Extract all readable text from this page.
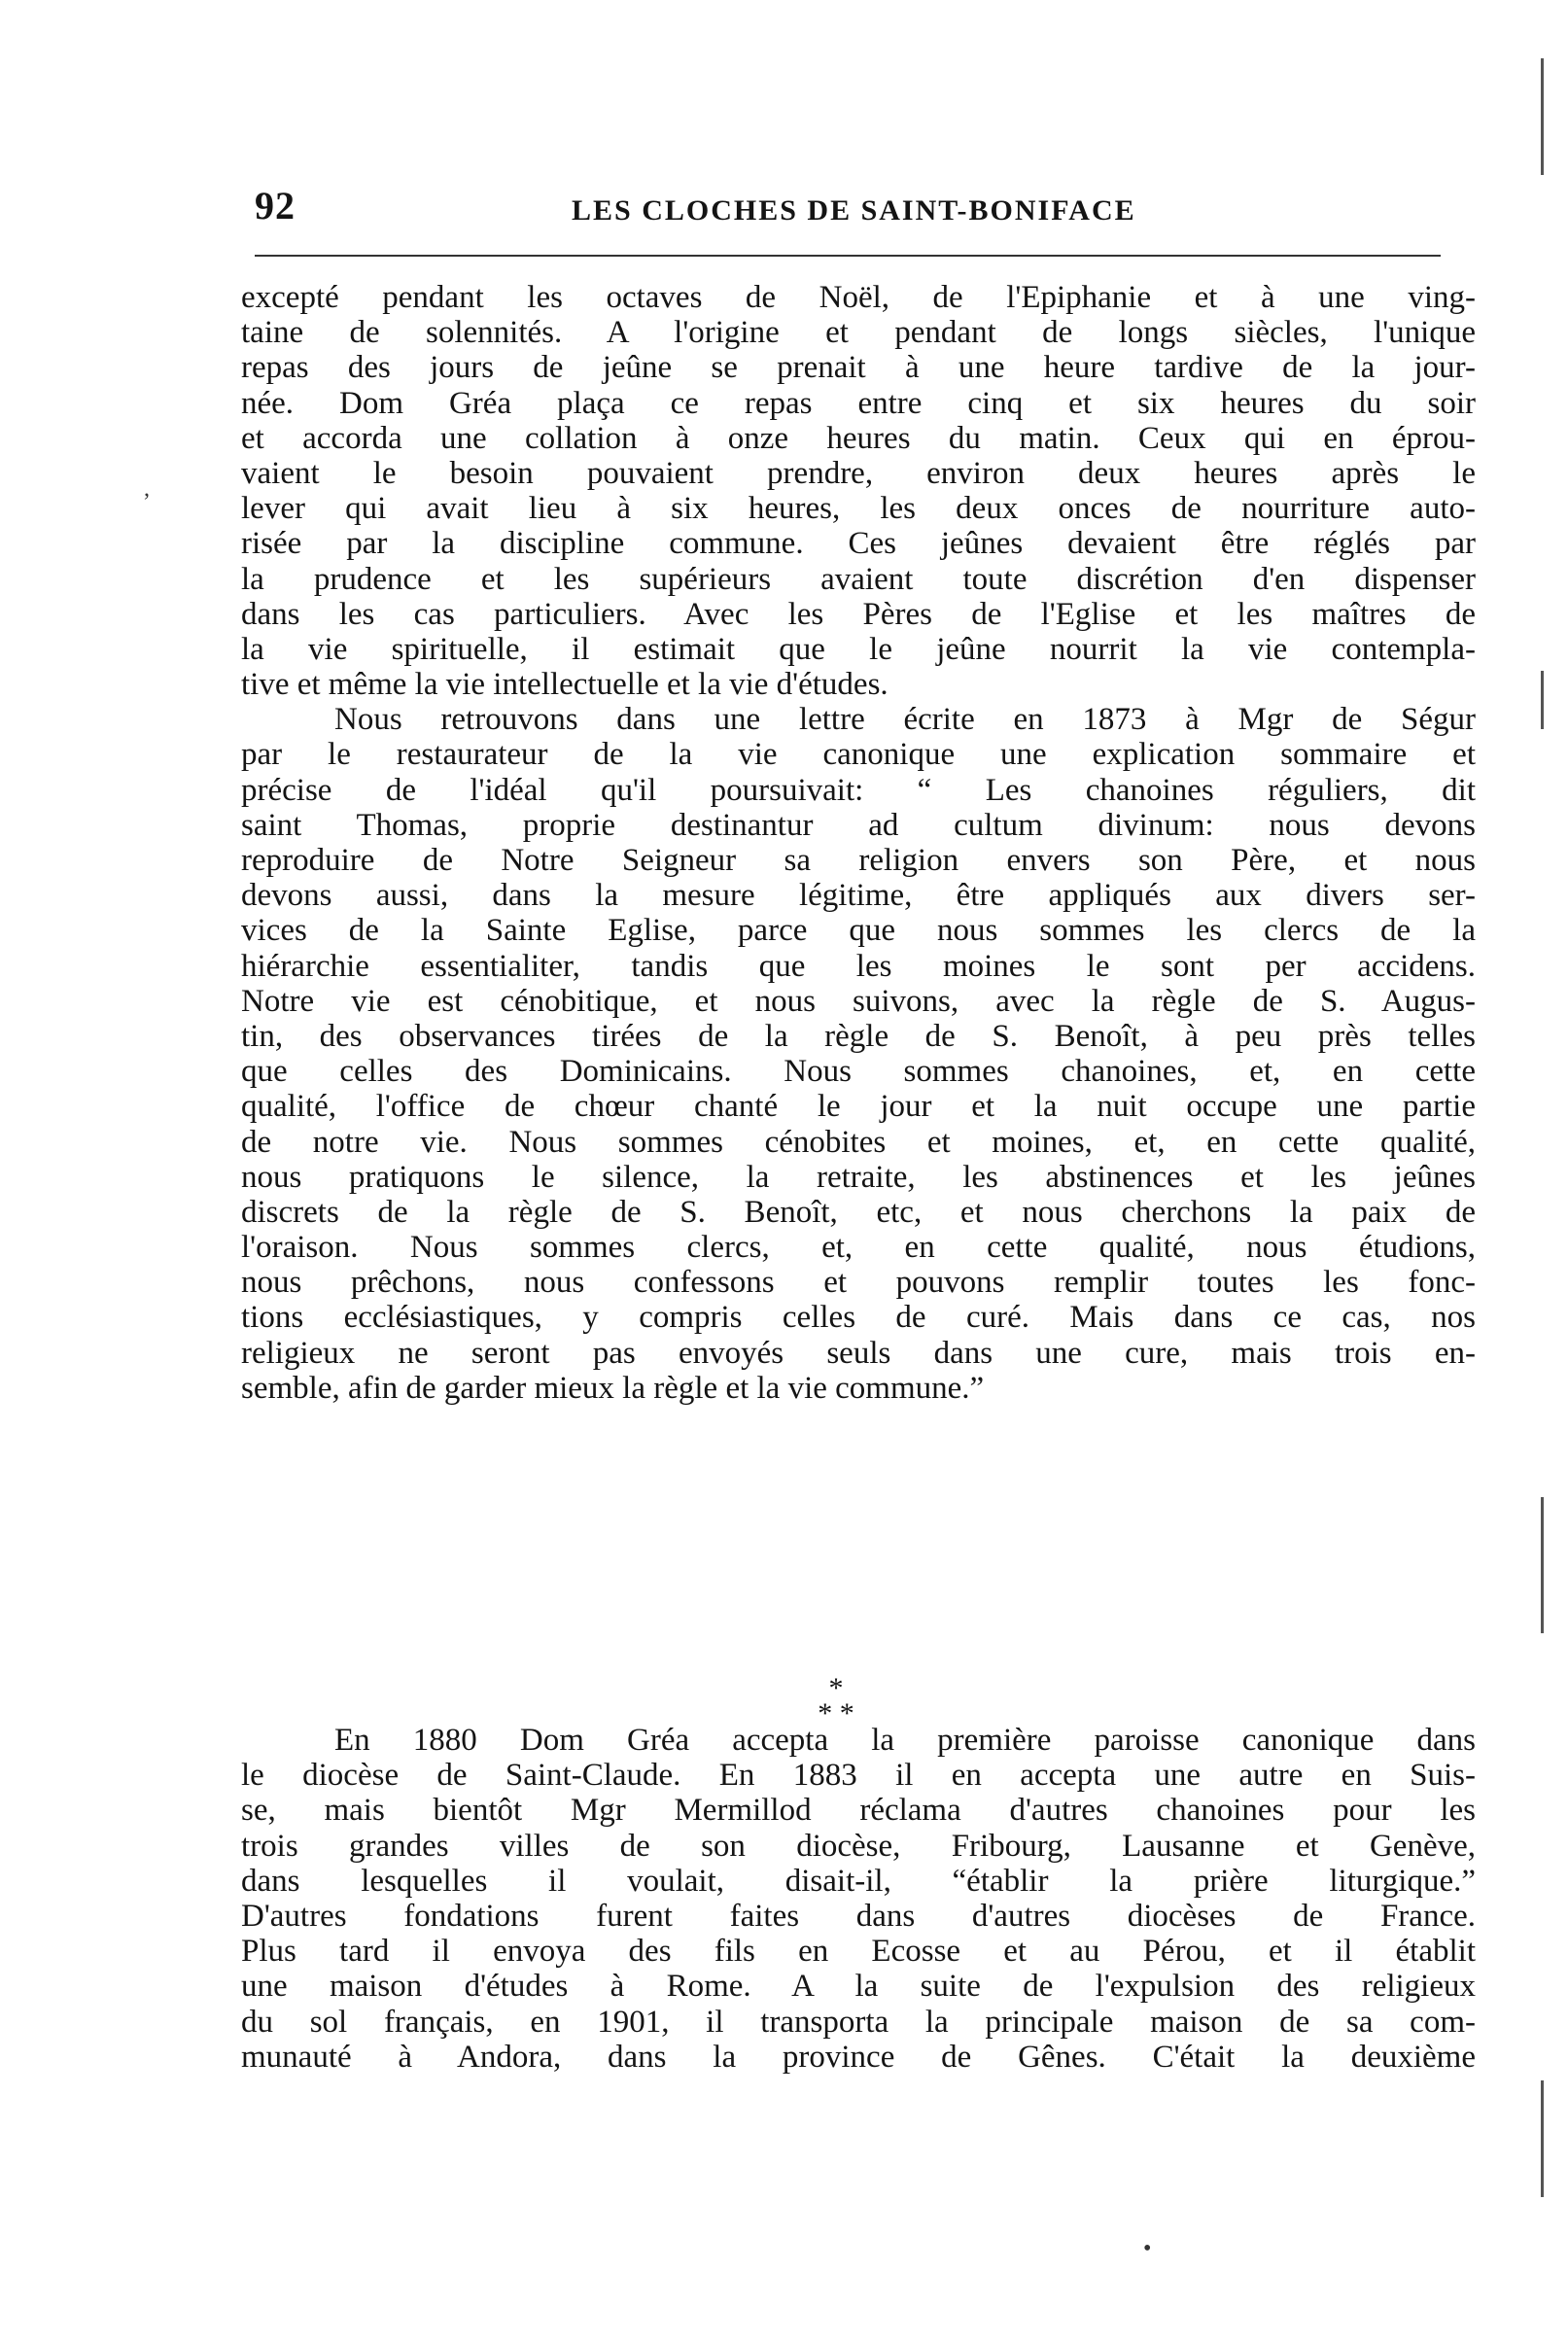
92	LES CLOCHES DE SAINT-BONIFACE
excepté pendant les octaves de Noël, de l'Epiphanie et à une ving-
taine de solennités. A l'origine et pendant de longs siècles, l'unique
repas des jours de jeûne se prenait à une heure tardive de la jour-
née. Dom Gréa plaça ce repas entre cinq et six heures du soir
et accorda une collation à onze heures du matin. Ceux qui en éprou-
vaient le besoin pouvaient prendre, environ deux heures après le
lever qui avait lieu à six heures, les deux onces de nourriture auto-
risée par la discipline commune. Ces jeûnes devaient être réglés par
la prudence et les supérieurs avaient toute discrétion d'en dispenser
dans les cas particuliers. Avec les Pères de l'Eglise et les maîtres de
la vie spirituelle, il estimait que le jeûne nourrit la vie contempla-
tive et même la vie intellectuelle et la vie d'études.
Nous retrouvons dans une lettre écrite en 1873 à Mgr de Ségur
par le restaurateur de la vie canonique une explication sommaire et
précise de l'idéal qu'il poursuivait: “ Les chanoines réguliers, dit
saint Thomas, proprie destinantur ad cultum divinum: nous devons
reproduire de Notre Seigneur sa religion envers son Père, et nous
devons aussi, dans la mesure légitime, être appliqués aux divers ser-
vices de la Sainte Eglise, parce que nous sommes les clercs de la
hiérarchie essentialiter, tandis que les moines le sont per accidens.
Notre vie est cénobitique, et nous suivons, avec la règle de S. Augus-
tin, des observances tirées de la règle de S. Benoît, à peu près telles
que celles des Dominicains. Nous sommes chanoines, et, en cette
qualité, l'office de chœur chanté le jour et la nuit occupe une partie
de notre vie. Nous sommes cénobites et moines, et, en cette qualité,
nous pratiquons le silence, la retraite, les abstinences et les jeûnes
discrets de la règle de S. Benoît, etc, et nous cherchons la paix de
l'oraison. Nous sommes clercs, et, en cette qualité, nous étudions,
nous prêchons, nous confessons et pouvons remplir toutes les fonc-
tions ecclésiastiques, y compris celles de curé. Mais dans ce cas, nos
religieux ne seront pas envoyés seuls dans une cure, mais trois en-
semble, afin de garder mieux la règle et la vie commune.”
*
* *
En 1880 Dom Gréa accepta la première paroisse canonique dans
le diocèse de Saint-Claude. En 1883 il en accepta une autre en Suis-
se, mais bientôt Mgr Mermillod réclama d'autres chanoines pour les
trois grandes villes de son diocèse, Fribourg, Lausanne et Genève,
dans lesquelles il voulait, disait-il, “établir la prière liturgique.”
D'autres fondations furent faites dans d'autres diocèses de France.
Plus tard il envoya des fils en Ecosse et au Pérou, et il établit
une maison d'études à Rome. A la suite de l'expulsion des religieux
du sol français, en 1901, il transporta la principale maison de sa com-
munauté à Andora, dans la province de Gênes. C'était la deuxième
,
•
